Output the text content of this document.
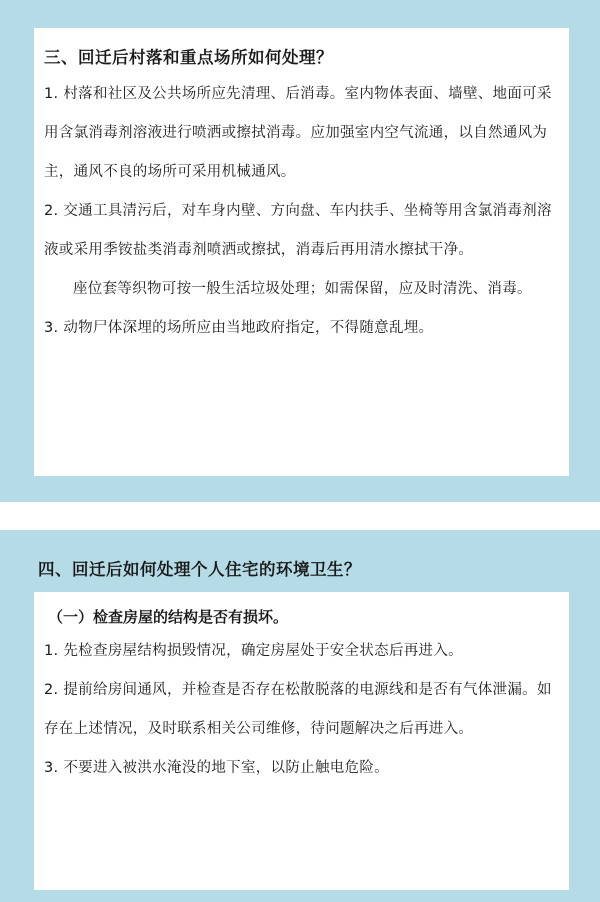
三、回迁后村落和重点场所如何处理？

1. 村落和社区及公共场所应先清理、后消毒。室内物体表面、墙壁、地面可采用含氯消毒剂溶液进行喷洒或擦拭消毒。应加强室内空气流通，以自然通风为主，通风不良的场所可采用机械通风。

2. 交通工具清污后，对车身内壁、方向盘、车内扶手、坐椅等用含氯消毒剂溶液或采用季铵盐类消毒剂喷洒或擦拭，消毒后再用清水擦拭干净。

座位套等织物可按一般生活垃圾处理；如需保留，应及时清洗、消毒。

3. 动物尸体深埋的场所应由当地政府指定，不得随意乱埋。

四、回迁后如何处理个人住宅的环境卫生？
（一）检查房屋的结构是否有损坏。

1. 先检查房屋结构损毁情况，确定房屋处于安全状态后再进入。

2. 提前给房间通风，并检查是否存在松散脱落的电源线和是否有气体泄漏。如存在上述情况，及时联系相关公司维修，待问题解决之后再进入。

3. 不要进入被洪水淹没的地下室，以防止触电危险。
